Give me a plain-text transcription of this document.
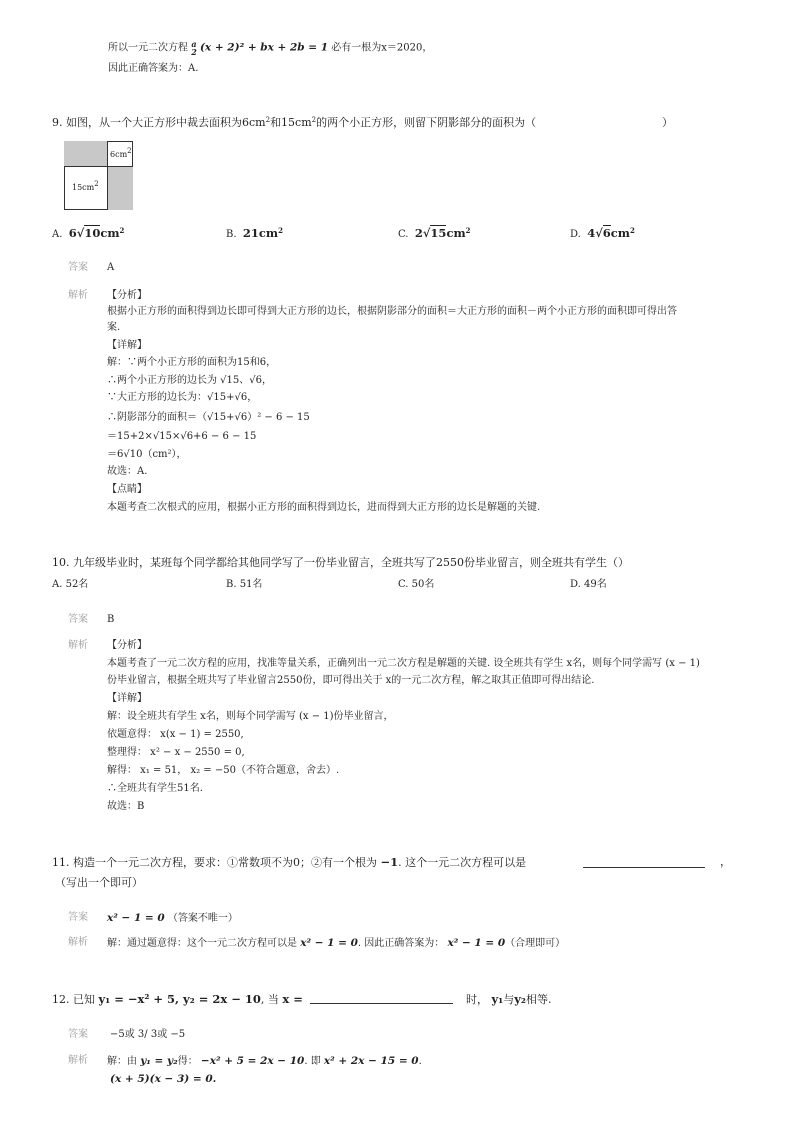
所以一元二次方程 a
2 (x + 2)² + bx + 2b = 1 必有一根为x＝2020，
因此正确答案为：A.
9. 如图，从一个大正方形中裁去面积为$6cm^2$和$15cm^2$的两个小正方形，则留下阴影部分的面积为（	）
$6cm^2$
$15cm^2$
A. $6√10cm^2$	B. $21cm^2$	C. $2√15cm^2$	D. $4√6cm^2$
答案 A
解析 【分析】
根据小正方形的面积得到边长即可得到大正方形的边长，根据阴影部分的面积＝大正方形的面积－两个小正方形的面积即可得出答
案.
【详解】
解：∵两个小正方形的面积为15和6，
∴两个小正方形的边长为 √15、√6，
∵大正方形的边长为：√15+√6，
∴阴影部分的面积＝（√15+√6）² − 6 − 15
＝15+2×√15×√6+6 − 6 − 15
＝6√10（cm²），
故选：A.
【点睛】
本题考查二次根式的应用，根据小正方形的面积得到边长，进而得到大正方形的边长是解题的关键.
10. 九年级毕业时，某班每个同学都给其他同学写了一份毕业留言，全班共写了2550份毕业留言，则全班共有学生（）
A. 52名	B. 51名	C. 50名	D. 49名
答案 B
解析 【分析】
本题考查了一元二次方程的应用，找准等量关系，正确列出一元二次方程是解题的关键. 设全班共有学生 x名，则每个同学需写 (x − 1)
份毕业留言，根据全班共写了毕业留言2550份，即可得出关于 x的一元二次方程，解之取其正值即可得出结论.
【详解】
解：设全班共有学生 x名，则每个同学需写 (x − 1)份毕业留言，
依题意得： x(x − 1) = 2550,
整理得： x² − x − 2550 = 0,
解得： x₁ = 51， x₂ = −50（不符合题意，舍去）.
∴全班共有学生51名.
故选：B
11. 构造一个一元二次方程，要求：①常数项不为0；②有一个根为 −1. 这个一元二次方程可以是	，
（写出一个即可）
答案 x² − 1 = 0 （答案不唯一）
解析 解：通过题意得：这个一元二次方程可以是 x² − 1 = 0. 因此正确答案为： x² − 1 = 0（合理即可）
12. 已知 y₁ = −x² + 5, y₂ = 2x − 10, 当 x =	时， y₁与y₂相等.
答案 −5或 3/ 3或 −5
解析 解：由 y₁ = y₂得： −x² + 5 = 2x − 10. 即 x² + 2x − 15 = 0.
(x + 5)(x − 3) = 0.
